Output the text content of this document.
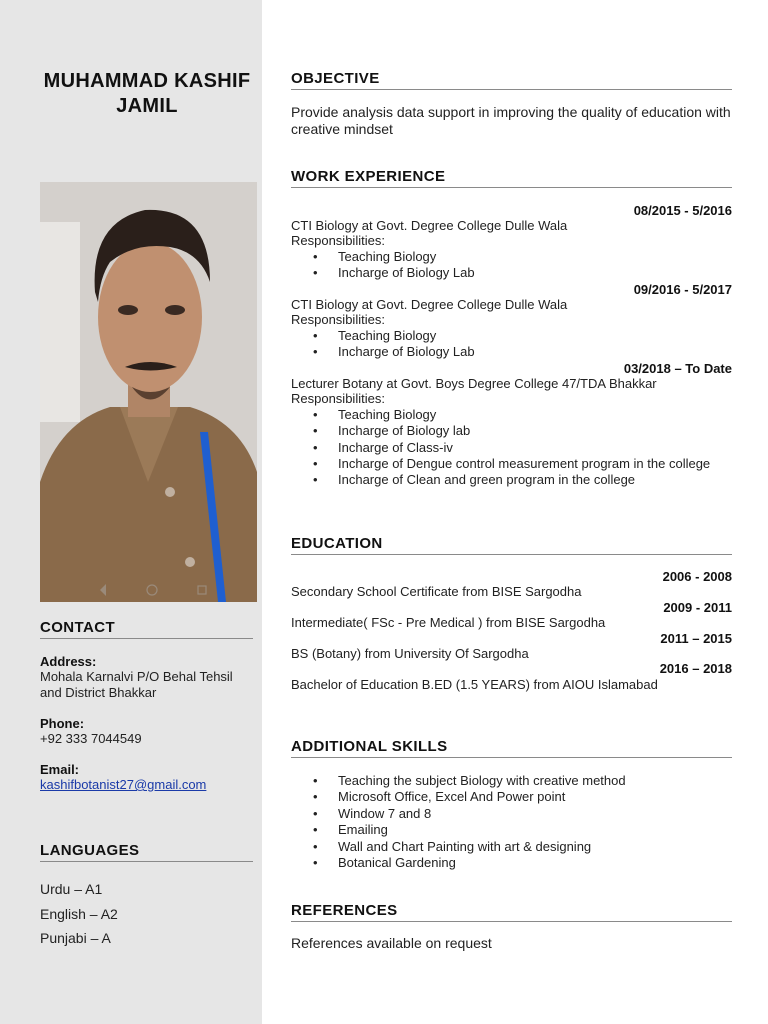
MUHAMMAD KASHIF JAMIL
CONTACT
Address:
Mohala Karnalvi P/O Behal Tehsil and District Bhakkar
Phone:
+92 333 7044549
Email:
kashifbotanist27@gmail.com
LANGUAGES
Urdu – A1
English – A2
Punjabi – A
OBJECTIVE
Provide analysis data support in improving the quality of education with creative mindset
WORK EXPERIENCE
08/2015 - 5/2016
CTI Biology at Govt. Degree College Dulle Wala
Responsibilities:
• Teaching Biology
• Incharge of Biology Lab
09/2016 - 5/2017
CTI Biology at Govt. Degree College Dulle Wala
Responsibilities:
• Teaching Biology
• Incharge of Biology Lab
03/2018 – To Date
Lecturer Botany at Govt. Boys Degree College 47/TDA Bhakkar
Responsibilities:
• Teaching Biology
• Incharge of Biology lab
• Incharge of Class-iv
• Incharge of Dengue control measurement program in the college
• Incharge of Clean and green program in the college
EDUCATION
2006 - 2008
Secondary School Certificate from BISE Sargodha
2009 - 2011
Intermediate( FSc - Pre Medical ) from BISE Sargodha
2011 – 2015
BS (Botany) from University Of Sargodha
2016 – 2018
Bachelor of Education B.ED (1.5 YEARS) from AIOU Islamabad
ADDITIONAL SKILLS
• Teaching the subject Biology with creative method
• Microsoft Office, Excel And Power point
• Window 7 and 8
• Emailing
• Wall and Chart Painting with art & designing
• Botanical Gardening
REFERENCES
References available on request
